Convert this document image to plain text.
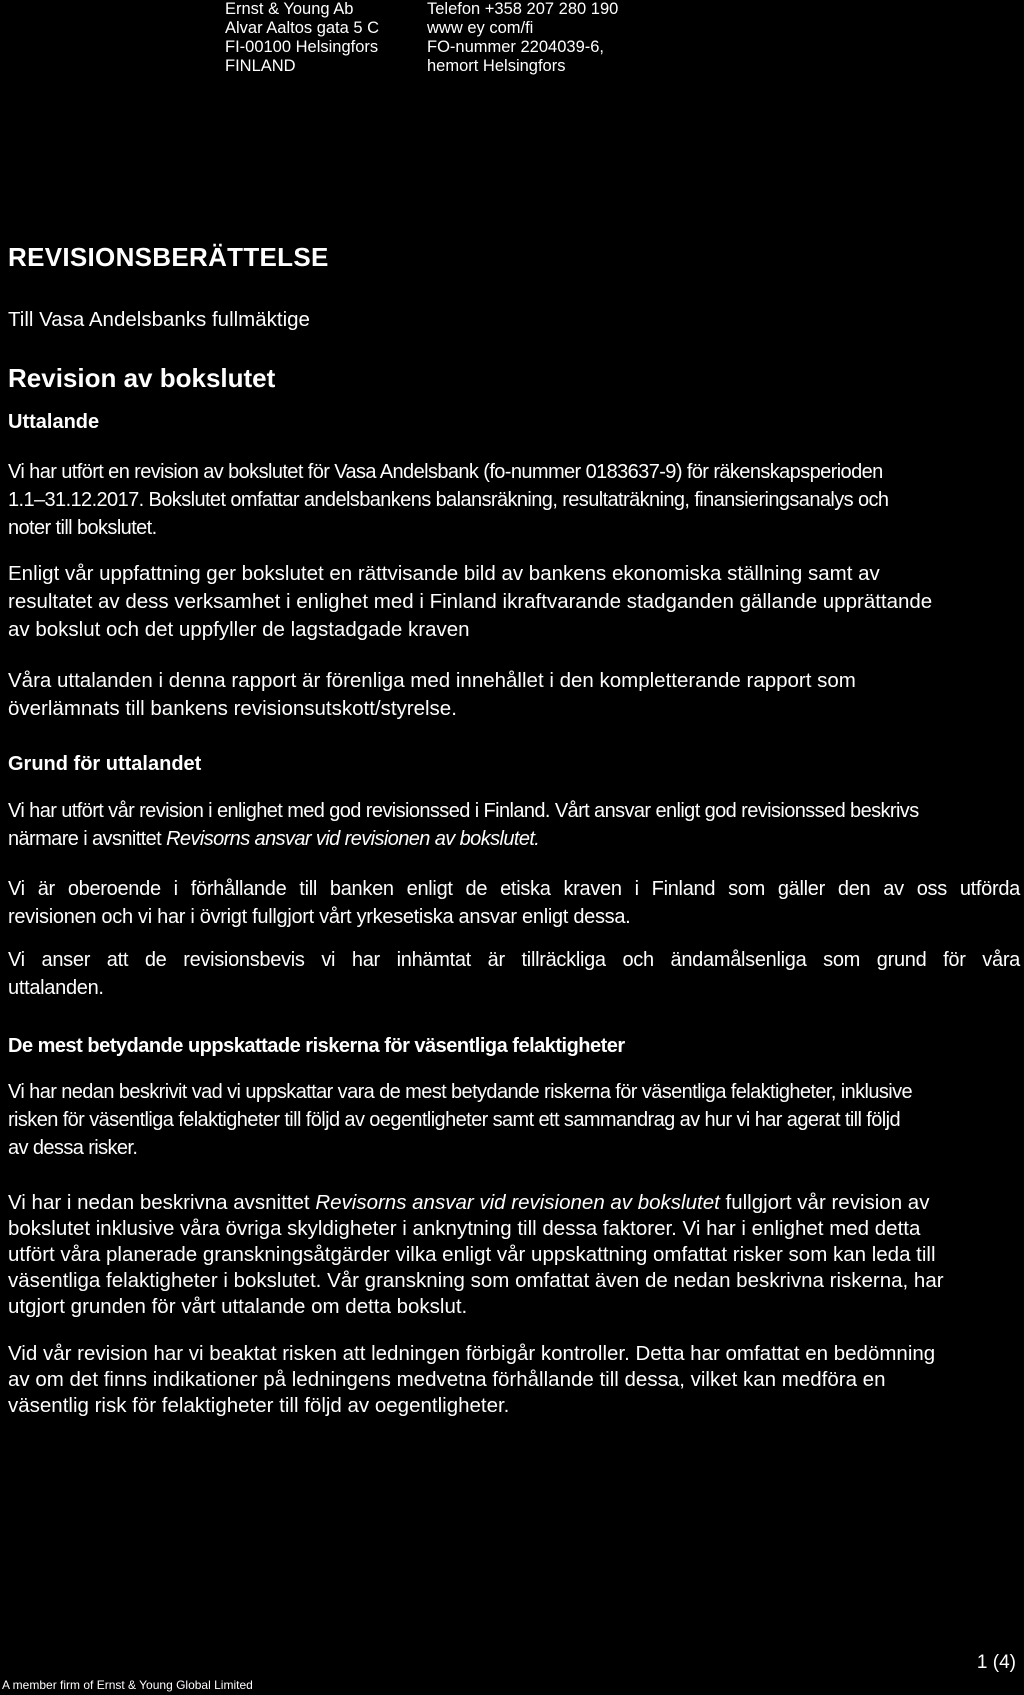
Ernst & Young Ab
Alvar Aaltos gata 5 C
FI-00100 Helsingfors
FINLAND
Telefon +358 207 280 190
www ey com/fi
FO-nummer 2204039-6,
hemort Helsingfors
REVISIONSBERÄTTELSE
Till Vasa Andelsbanks fullmäktige
Revision av bokslutet
Uttalande
Vi har utfört en revision av bokslutet för Vasa Andelsbank (fo-nummer 0183637-9) för räkenskapsperioden
1.1–31.12.2017. Bokslutet omfattar andelsbankens balansräkning, resultaträkning, finansieringsanalys och
noter till bokslutet.
Enligt vår uppfattning ger bokslutet en rättvisande bild av bankens ekonomiska ställning samt av
resultatet av dess verksamhet i enlighet med i Finland ikraftvarande stadganden gällande upprättande
av bokslut och det uppfyller de lagstadgade kraven
Våra uttalanden i denna rapport är förenliga med innehållet i den kompletterande rapport som
överlämnats till bankens revisionsutskott/styrelse.
Grund för uttalandet
Vi har utfört vår revision i enlighet med god revisionssed i Finland. Vårt ansvar enligt god revisionssed beskrivs
närmare i avsnittet Revisorns ansvar vid revisionen av bokslutet.
Vi är oberoende i förhållande till banken enligt de etiska kraven i Finland som gäller den av oss utförda
revisionen och vi har i övrigt fullgjort vårt yrkesetiska ansvar enligt dessa.
Vi anser att de revisionsbevis vi har inhämtat är tillräckliga och ändamålsenliga som grund för våra
uttalanden.
De mest betydande uppskattade riskerna för väsentliga felaktigheter
Vi har nedan beskrivit vad vi uppskattar vara de mest betydande riskerna för väsentliga felaktigheter, inklusive
risken för väsentliga felaktigheter till följd av oegentligheter samt ett sammandrag av hur vi har agerat till följd
av dessa risker.
Vi har i nedan beskrivna avsnittet Revisorns ansvar vid revisionen av bokslutet fullgjort vår revision av
bokslutet inklusive våra övriga skyldigheter i anknytning till dessa faktorer. Vi har i enlighet med detta
utfört våra planerade granskningsåtgärder vilka enligt vår uppskattning omfattat risker som kan leda till
väsentliga felaktigheter i bokslutet. Vår granskning som omfattat även de nedan beskrivna riskerna, har
utgjort grunden för vårt uttalande om detta bokslut.
Vid vår revision har vi beaktat risken att ledningen förbigår kontroller. Detta har omfattat en bedömning
av om det finns indikationer på ledningens medvetna förhållande till dessa, vilket kan medföra en
väsentlig risk för felaktigheter till följd av oegentligheter.
1 (4)
A member firm of Ernst & Young Global Limited
